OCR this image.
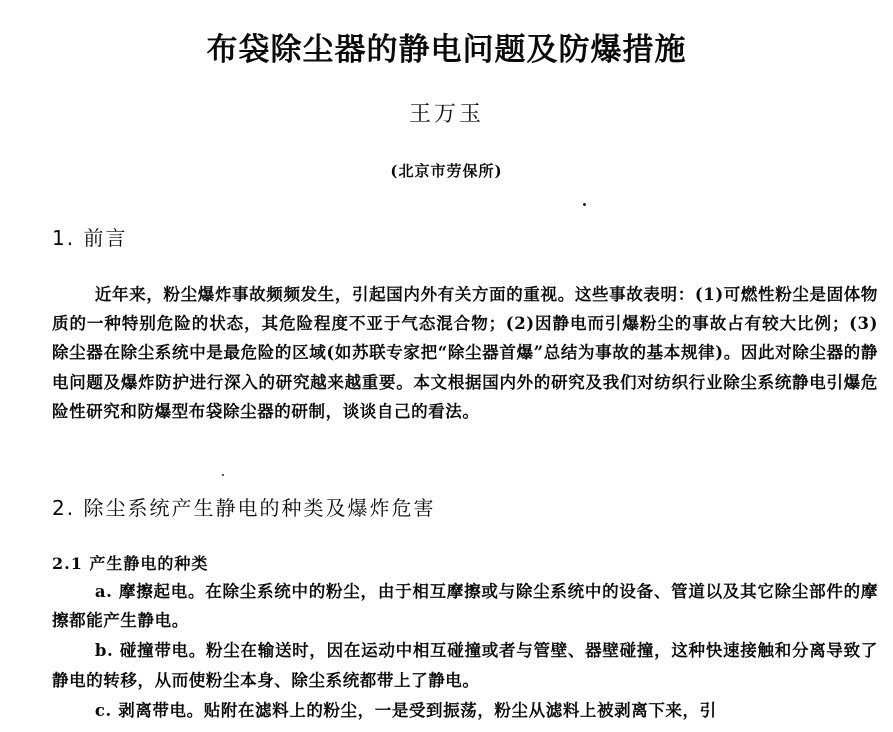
布袋除尘器的静电问题及防爆措施
王万玉
(北京市劳保所)
1. 前言

近年来，粉尘爆炸事故频频发生，引起国内外有关方面的重视。这些事故表明：(1)可燃性粉尘是固体物质的一种特别危险的状态，其危险程度不亚于气态混合物；(2)因静电而引爆粉尘的事故占有较大比例；(3)除尘器在除尘系统中是最危险的区域(如苏联专家把“除尘器首爆”总结为事故的基本规律)。因此对除尘器的静电问题及爆炸防护进行深入的研究越来越重要。本文根据国内外的研究及我们对纺织行业除尘系统静电引爆危险性研究和防爆型布袋除尘器的研制，谈谈自己的看法。

2. 除尘系统产生静电的种类及爆炸危害
2.1 产生静电的种类

a. 摩擦起电。在除尘系统中的粉尘，由于相互摩擦或与除尘系统中的设备、管道以及其它除尘部件的摩擦都能产生静电。

b. 碰撞带电。粉尘在输送时，因在运动中相互碰撞或者与管壁、器壁碰撞，这种快速接触和分离导致了静电的转移，从而使粉尘本身、除尘系统都带上了静电。

c. 剥离带电。贴附在滤料上的粉尘，一是受到振荡，粉尘从滤料上被剥离下来，引
